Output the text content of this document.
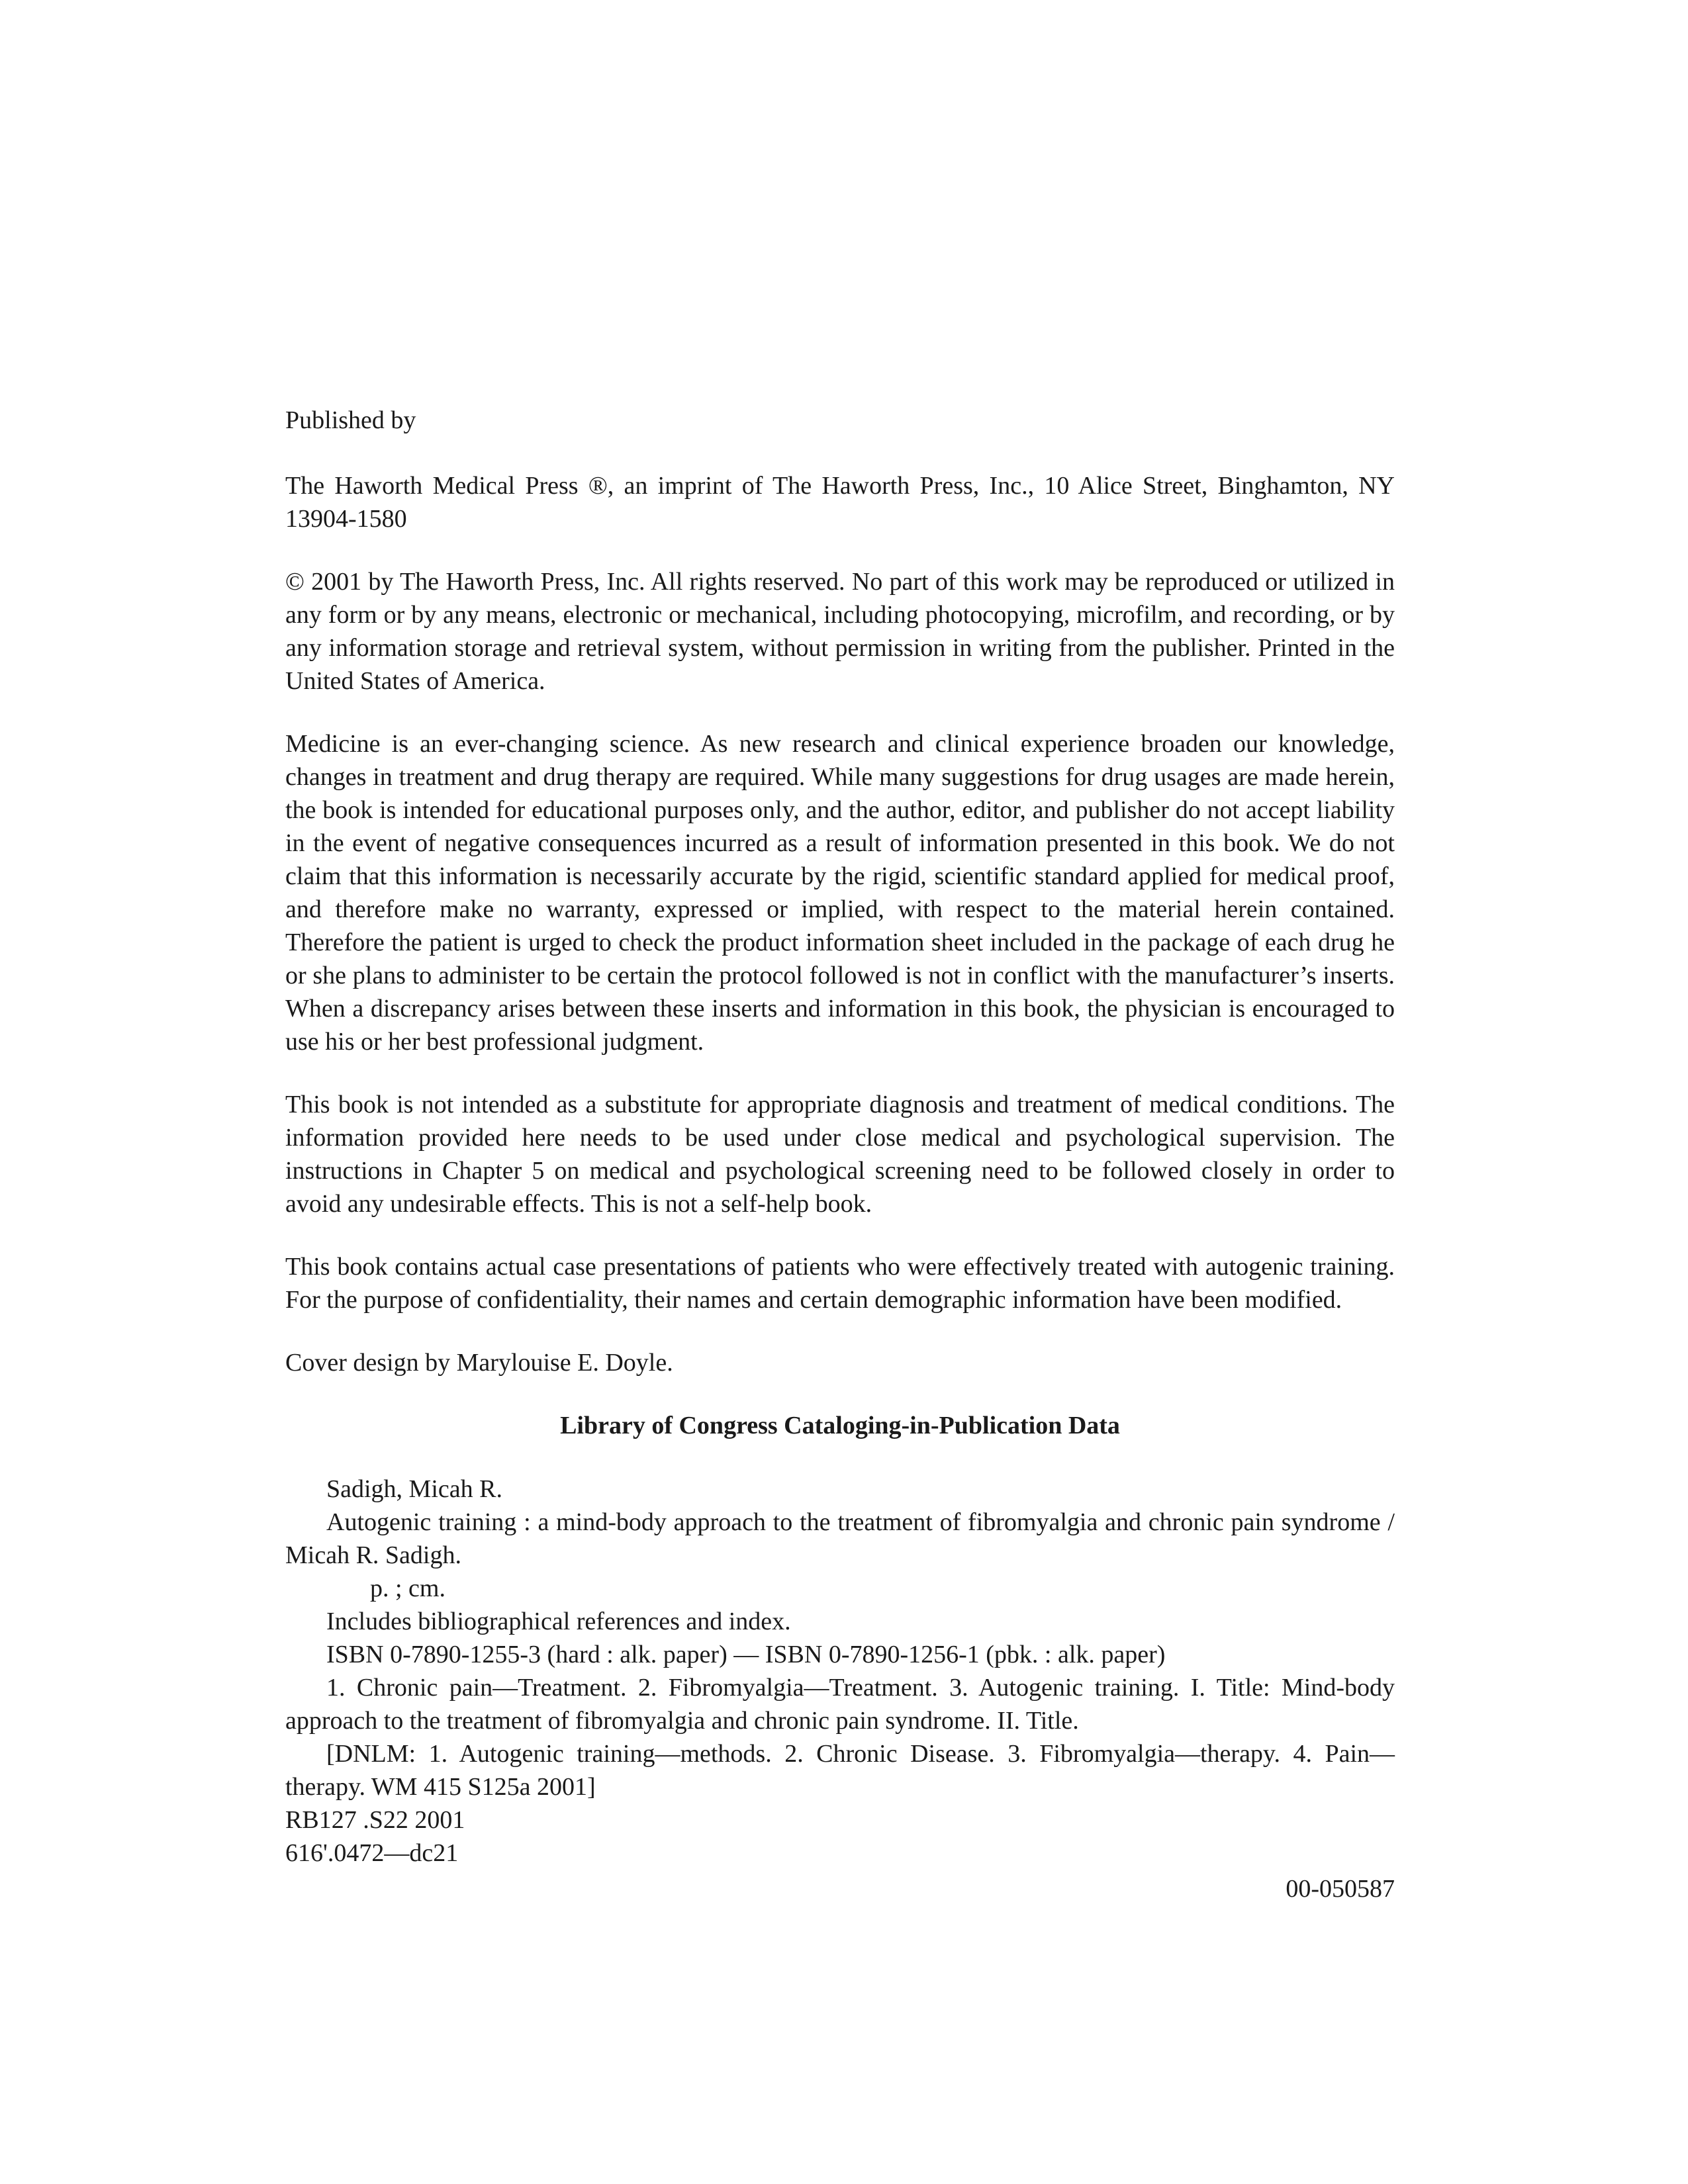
Published by

The Haworth Medical Press ®, an imprint of The Haworth Press, Inc., 10 Alice Street, Binghamton, NY 13904-1580

© 2001 by The Haworth Press, Inc. All rights reserved. No part of this work may be reproduced or utilized in any form or by any means, electronic or mechanical, including photocopying, microfilm, and recording, or by any information storage and retrieval system, without permission in writing from the publisher. Printed in the United States of America.

Medicine is an ever-changing science. As new research and clinical experience broaden our knowledge, changes in treatment and drug therapy are required. While many suggestions for drug usages are made herein, the book is intended for educational purposes only, and the author, editor, and publisher do not accept liability in the event of negative consequences incurred as a result of information presented in this book. We do not claim that this information is necessarily accurate by the rigid, scientific standard applied for medical proof, and therefore make no warranty, expressed or implied, with respect to the material herein contained. Therefore the patient is urged to check the product information sheet included in the package of each drug he or she plans to administer to be certain the protocol followed is not in conflict with the manufacturer’s inserts. When a discrepancy arises between these inserts and information in this book, the physician is encouraged to use his or her best professional judgment.

This book is not intended as a substitute for appropriate diagnosis and treatment of medical conditions. The information provided here needs to be used under close medical and psychological supervision. The instructions in Chapter 5 on medical and psychological screening need to be followed closely in order to avoid any undesirable effects. This is not a self-help book.

This book contains actual case presentations of patients who were effectively treated with autogenic training. For the purpose of confidentiality, their names and certain demographic information have been modified.

Cover design by Marylouise E. Doyle.

Library of Congress Cataloging-in-Publication Data
Sadigh, Micah R.
Autogenic training : a mind-body approach to the treatment of fibromyalgia and chronic pain syndrome / Micah R. Sadigh.
p. ; cm.
Includes bibliographical references and index.
ISBN 0-7890-1255-3 (hard : alk. paper) — ISBN 0-7890-1256-1 (pbk. : alk. paper)
1. Chronic pain—Treatment. 2. Fibromyalgia—Treatment. 3. Autogenic training. I. Title: Mind-body approach to the treatment of fibromyalgia and chronic pain syndrome. II. Title.
[DNLM: 1. Autogenic training—methods. 2. Chronic Disease. 3. Fibromyalgia—therapy. 4. Pain—therapy. WM 415 S125a 2001]
RB127 .S22 2001
616'.0472—dc21
00-050587
